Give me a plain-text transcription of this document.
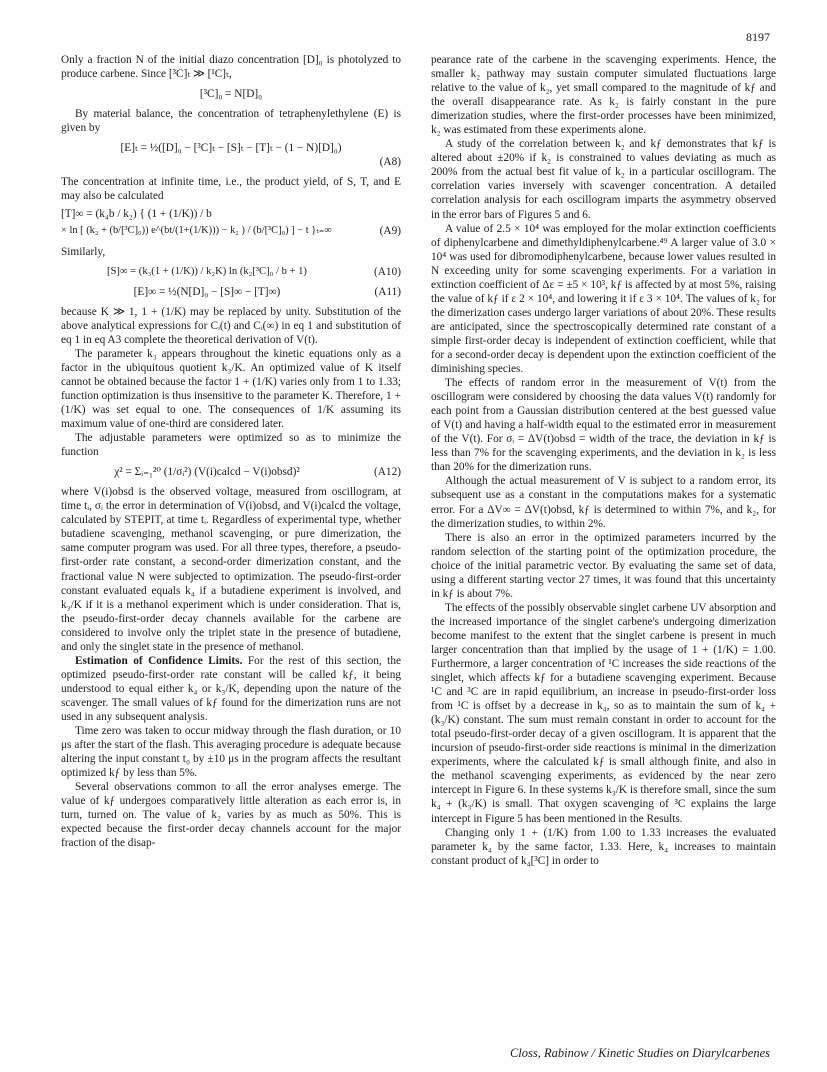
8197

Only a fraction N of the initial diazo concentration [D]₀ is photolyzed to produce carbene. Since [³C]ₜ ≫ [¹C]ₜ,

[³C]₀ = N[D]₀

By material balance, the concentration of tetraphenylethylene (E) is given by

[E]ₜ = ½([D]₀ − [³C]ₜ − [S]ₜ − [T]ₜ − (1 − N)[D]₀)
(A8)

The concentration at infinite time, i.e., the product yield, of S, T, and E may also be calculated

[T]∞ = (k₄b / k₂) { (1 + (1/K)) / b
× ln [ (k₂ + (b/[³C]₀)) e^(bt/(1+(1/K))) − k₂ ) / (b/[³C]₀) ] − t }ₜ₌∞	(A9)

Similarly,

[S]∞ = (k₃(1 + (1/K)) / k₂K) ln (k₂[³C]₀ / b + 1)	(A10)
[E]∞ = ½(N[D]₀ − [S]∞ − [T]∞)	(A11)

because K ≫ 1, 1 + (1/K) may be replaced by unity. Substitution of the above analytical expressions for Cᵢ(t) and Cᵢ(∞) in eq 1 and substitution of eq 1 in eq A3 complete the theoretical derivation of V(t).

The parameter k₃ appears throughout the kinetic equations only as a factor in the ubiquitous quotient k₃/K. An optimized value of K itself cannot be obtained because the factor 1 + (1/K) varies only from 1 to 1.33; function optimization is thus insensitive to the parameter K. Therefore, 1 + (1/K) was set equal to one. The consequences of 1/K assuming its maximum value of one-third are considered later.

The adjustable parameters were optimized so as to minimize the function

χ² = Σᵢ₌₁²⁰ (1/σᵢ²) (V(i)calcd − V(i)obsd)²	(A12)

where V(i)obsd is the observed voltage, measured from oscillogram, at time tᵢ, σᵢ the error in determination of V(i)obsd, and V(i)calcd the voltage, calculated by STEPIT, at time tᵢ. Regardless of experimental type, whether butadiene scavenging, methanol scavenging, or pure dimerization, the same computer program was used. For all three types, therefore, a pseudo-first-order rate constant, a second-order dimerization constant, and the fractional value N were subjected to optimization. The pseudo-first-order constant evaluated equals k₄ if a butadiene experiment is involved, and k₃/K if it is a methanol experiment which is under consideration. That is, the pseudo-first-order decay channels available for the carbene are considered to involve only the triplet state in the presence of butadiene, and only the singlet state in the presence of methanol.

Estimation of Confidence Limits. For the rest of this section, the optimized pseudo-first-order rate constant will be called kƒ, it being understood to equal either k₄ or k₃/K, depending upon the nature of the scavenger. The small values of kƒ found for the dimerization runs are not used in any subsequent analysis.

Time zero was taken to occur midway through the flash duration, or 10 μs after the start of the flash. This averaging procedure is adequate because altering the input constant t₀ by ±10 μs in the program affects the resultant optimized kƒ by less than 5%.

Several observations common to all the error analyses emerge. The value of kƒ undergoes comparatively little alteration as each error is, in turn, turned on. The value of k₂ varies by as much as 50%. This is expected because the first-order decay channels account for the major fraction of the disap-

pearance rate of the carbene in the scavenging experiments. Hence, the smaller k₂ pathway may sustain computer simulated fluctuations large relative to the value of k₂, yet small compared to the magnitude of kƒ and the overall disappearance rate. As k₂ is fairly constant in the pure dimerization studies, where the first-order processes have been minimized, k₂ was estimated from these experiments alone.

A study of the correlation between k₂ and kƒ demonstrates that kƒ is altered about ±20% if k₂ is constrained to values deviating as much as 200% from the actual best fit value of k₂ in a particular oscillogram. The correlation varies inversely with scavenger concentration. A detailed correlation analysis for each oscillogram imparts the asymmetry observed in the error bars of Figures 5 and 6.

A value of 2.5 × 10⁴ was employed for the molar extinction coefficients of diphenylcarbene and dimethyldiphenylcarbene.⁴⁹ A larger value of 3.0 × 10⁴ was used for dibromodiphenylcarbene, because lower values resulted in N exceeding unity for some scavenging experiments. For a variation in extinction coefficient of Δε = ±5 × 10³, kƒ is affected by at most 5%, raising the value of kƒ if ε 2 × 10⁴, and lowering it if ε 3 × 10⁴. The values of k₂ for the dimerization cases undergo larger variations of about 20%. These results are anticipated, since the spectroscopically determined rate constant of a simple first-order decay is independent of extinction coefficient, while that for a second-order decay is dependent upon the extinction coefficient of the diminishing species.

The effects of random error in the measurement of V(t) from the oscillogram were considered by choosing the data values V(t) randomly for each point from a Gaussian distribution centered at the best guessed value of V(t) and having a half-width equal to the estimated error in measurement of the V(t). For σᵢ = ΔV(t)obsd = width of the trace, the deviation in kƒ is less than 7% for the scavenging experiments, and the deviation in k₂ is less than 20% for the dimerization runs.

Although the actual measurement of V is subject to a random error, its subsequent use as a constant in the computations makes for a systematic error. For a ΔV∞ = ΔV(t)obsd, kƒ is determined to within 7%, and k₂, for the dimerization studies, to within 2%.

There is also an error in the optimized parameters incurred by the random selection of the starting point of the optimization procedure, the choice of the initial parametric vector. By evaluating the same set of data, using a different starting vector 27 times, it was found that this uncertainty in kƒ is about 7%.

The effects of the possibly observable singlet carbene UV absorption and the increased importance of the singlet carbene's undergoing dimerization become manifest to the extent that the singlet carbene is present in much larger concentration than that implied by the usage of 1 + (1/K) = 1.00. Furthermore, a larger concentration of ¹C increases the side reactions of the singlet, which affects kƒ for a butadiene scavenging experiment. Because ¹C and ³C are in rapid equilibrium, an increase in pseudo-first-order loss from ¹C is offset by a decrease in k₄, so as to maintain the sum of k₄ + (k₃/K) constant. The sum must remain constant in order to account for the total pseudo-first-order decay of a given oscillogram. It is apparent that the incursion of pseudo-first-order side reactions is minimal in the dimerization experiments, where the calculated kƒ is small although finite, and also in the methanol scavenging experiments, as evidenced by the near zero intercept in Figure 6. In these systems k₃/K is therefore small, since the sum k₄ + (k₃/K) is small. That oxygen scavenging of ³C explains the large intercept in Figure 5 has been mentioned in the Results.

Changing only 1 + (1/K) from 1.00 to 1.33 increases the evaluated parameter k₄ by the same factor, 1.33. Here, k₄ increases to maintain constant product of k₄[³C] in order to

Closs, Rabinow / Kinetic Studies on Diarylcarbenes
